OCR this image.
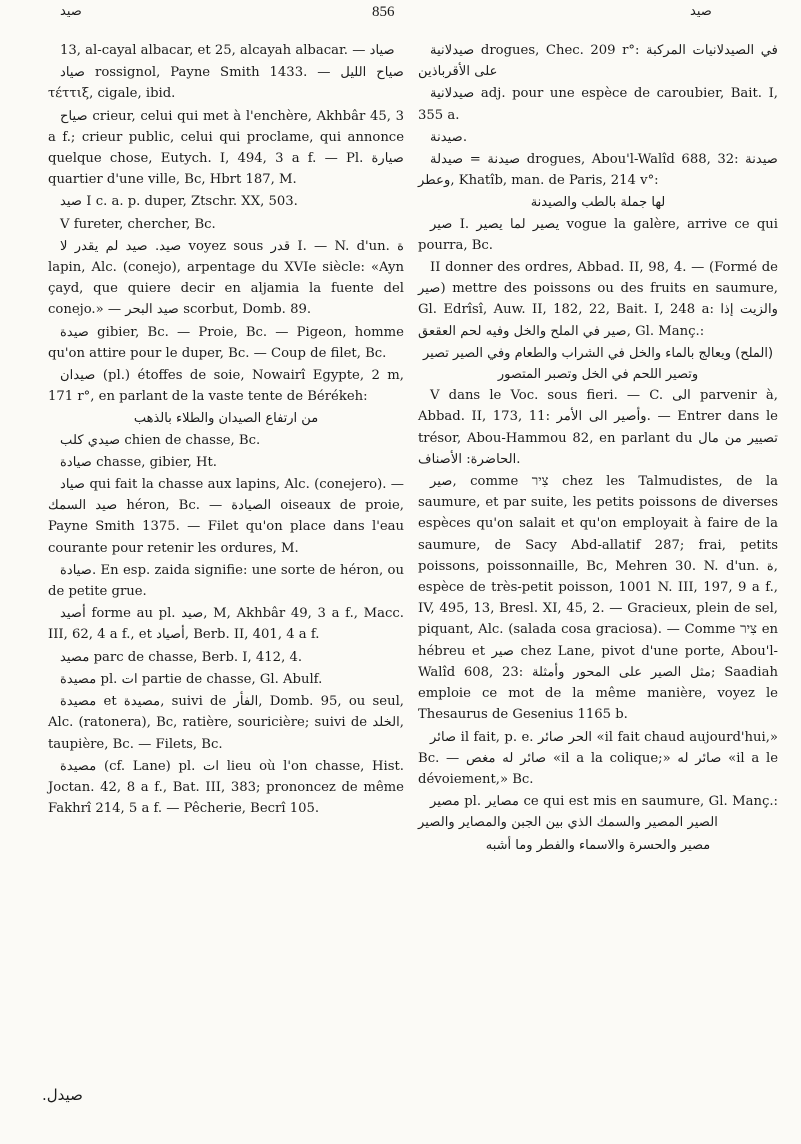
صيد	856	صيد

13, al-cayal albacar, et 25, alcayah albacar. — صياد

صياد rossignol, Payne Smith 1433. — صياح الليل τέττιξ, cigale, ibid.

صياح crieur, celui qui met à l'enchère, Akhbâr 45, 3 a f.; crieur public, celui qui proclame, qui annonce quelque chose, Eutych. I, 494, 3 a f. — Pl. صيارة quartier d'une ville, Bc, Hbrt 187, M.

صيد I c. a. p. duper, Ztschr. XX, 503.

V fureter, chercher, Bc.

صيد. صيد لم يقدر لا voyez sous قدر I. — N. d'un. ة lapin, Alc. (conejo), arpentage du XVIe siècle: «Ayn çayd, que quiere decir en aljamia la fuente del conejo.» — صيد البحر scorbut, Domb. 89.

صيدة gibier, Bc. — Proie, Bc. — Pigeon, homme qu'on attire pour le duper, Bc. — Coup de filet, Bc.

صيدان (pl.) étoffes de soie, Nowairî Egypte, 2 m, 171 r°, en parlant de la vaste tente de Bérékeh:

من ارتفاع الصيدان والطلاء بالذهب

صيدي كلب chien de chasse, Bc.

صيادة chasse, gibier, Ht.

صياد qui fait la chasse aux lapins, Alc. (conejero). — صيد السمك héron, Bc. — الصيادة oiseaux de proie, Payne Smith 1375. — Filet qu'on place dans l'eau courante pour retenir les ordures, M.

صيادة. En esp. zaida signifie: une sorte de héron, ou de petite grue.

أصيد forme au pl. صيد, M, Akhbâr 49, 3 a f., Macc. III, 62, 4 a f., et أصياد, Berb. II, 401, 4 a f.

مصيد parc de chasse, Berb. I, 412, 4.

مصيدة pl. ات partie de chasse, Gl. Abulf.

مصيدة et مصيدة, suivi de الفأر, Domb. 95, ou seul, Alc. (ratonera), Bc, ratière, souricière; suivi de الخلد, taupière, Bc. — Filets, Bc.

مصيدة (cf. Lane) pl. ات lieu où l'on chasse, Hist. Joctan. 42, 8 a f., Bat. III, 383; prononcez de même Fakhrî 214, 5 a f. — Pêcherie, Becrî 105.

صيدلانية drogues, Chec. 209 r°: في الصيدلانيات المركبة على الأقرباذين

صيدلانية adj. pour une espèce de caroubier, Bait. I, 355 a.

صيدنة.

صيدنة = صيدلة drogues, Abou'l-Walîd 688, 32: صيدنة وعطر, Khatîb, man. de Paris, 214 v°:

لها جملة بالطب والصيدنة

صير I. يصير لما يصير vogue la galère, arrive ce qui pourra, Bc.

II donner des ordres, Abbad. II, 98, 4. — (Formé de صير) mettre des poissons ou des fruits en saumure, Gl. Edrîsî, Auw. II, 182, 22, Bait. I, 248 a: والزيت إذا صير في الملح والخل وفيه لحم العقعق, Gl. Manç.:

(الملح) ويعالج بالماء والخل في الشراب والطعام وفي الصير تصير

وتصير اللحم في الخل وتصبر المتصور

V dans le Voc. sous fieri. — C. الى parvenir à, Abbad. II, 173, 11: وأصير الى الأمر. — Entrer dans le trésor, Abou-Hammou 82, en parlant du تصيير من مال الحاضرة: الأصناف.

صير, comme צִיר chez les Talmudistes, de la saumure, et par suite, les petits poissons de diverses espèces qu'on salait et qu'on employait à faire de la saumure, de Sacy Abd-allatif 287; frai, petits poissons, poissonnaille, Bc, Mehren 30. N. d'un. ة, espèce de très-petit poisson, 1001 N. III, 197, 9 a f., IV, 495, 13, Bresl. XI, 45, 2. — Gracieux, plein de sel, piquant, Alc. (salada cosa graciosa). — Comme צִיר en hébreu et صير chez Lane, pivot d'une porte, Abou'l-Walîd 608, 23: مثل الصير على المحور وأمثلة; Saadiah emploie ce mot de la même manière, voyez le Thesaurus de Gesenius 1165 b.

صائر il fait, p. e. الحر صائر «il fait chaud aujourd'hui,» Bc. — صائر له مغص «il a la colique;» صائر له «il a le dévoiement,» Bc.

مصير pl. مصاير ce qui est mis en saumure, Gl. Manç.: الصير المصير والسمك الذي بين الجبن والمصاير والصير

مصير والحسرة والاسماء والفطر وما أشبه

صيدل.
